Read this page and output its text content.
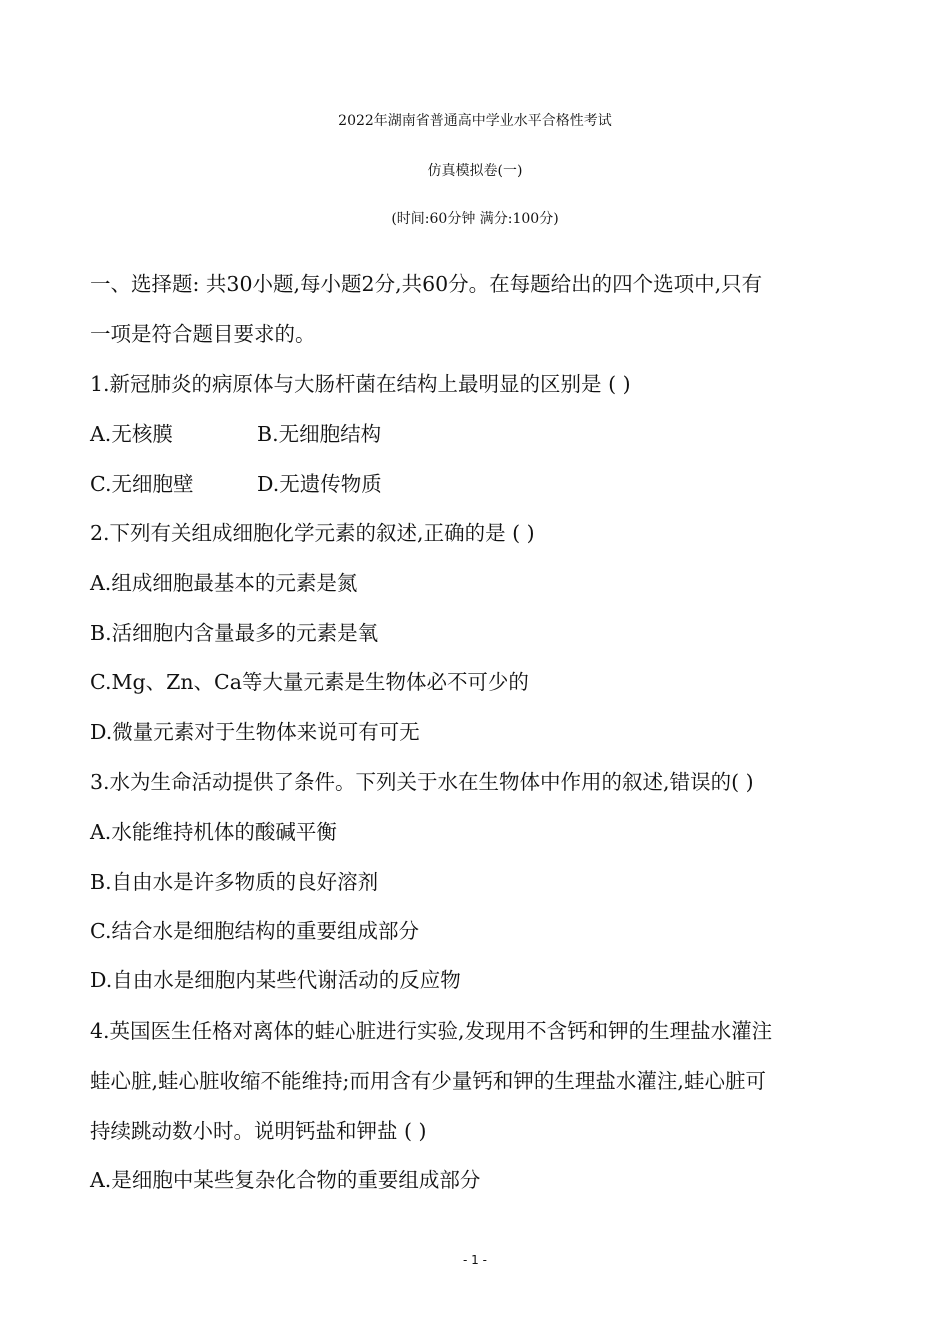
2022年湖南省普通高中学业水平合格性考试
仿真模拟卷(一)
(时间:60分钟 满分:100分)
一、选择题: 共30小题,每小题2分,共60分。在每题给出的四个选项中,只有
一项是符合题目要求的。
1.新冠肺炎的病原体与大肠杆菌在结构上最明显的区别是 ( )
A.无核膜	B.无细胞结构
C.无细胞壁	D.无遗传物质
2.下列有关组成细胞化学元素的叙述,正确的是 ( )
A.组成细胞最基本的元素是氮
B.活细胞内含量最多的元素是氧
C.Mg、Zn、Ca等大量元素是生物体必不可少的
D.微量元素对于生物体来说可有可无
3.水为生命活动提供了条件。下列关于水在生物体中作用的叙述,错误的( )
A.水能维持机体的酸碱平衡
B.自由水是许多物质的良好溶剂
C.结合水是细胞结构的重要组成部分
D.自由水是细胞内某些代谢活动的反应物
4.英国医生任格对离体的蛙心脏进行实验,发现用不含钙和钾的生理盐水灌注
蛙心脏,蛙心脏收缩不能维持;而用含有少量钙和钾的生理盐水灌注,蛙心脏可
持续跳动数小时。说明钙盐和钾盐 ( )
A.是细胞中某些复杂化合物的重要组成部分
- 1 -
